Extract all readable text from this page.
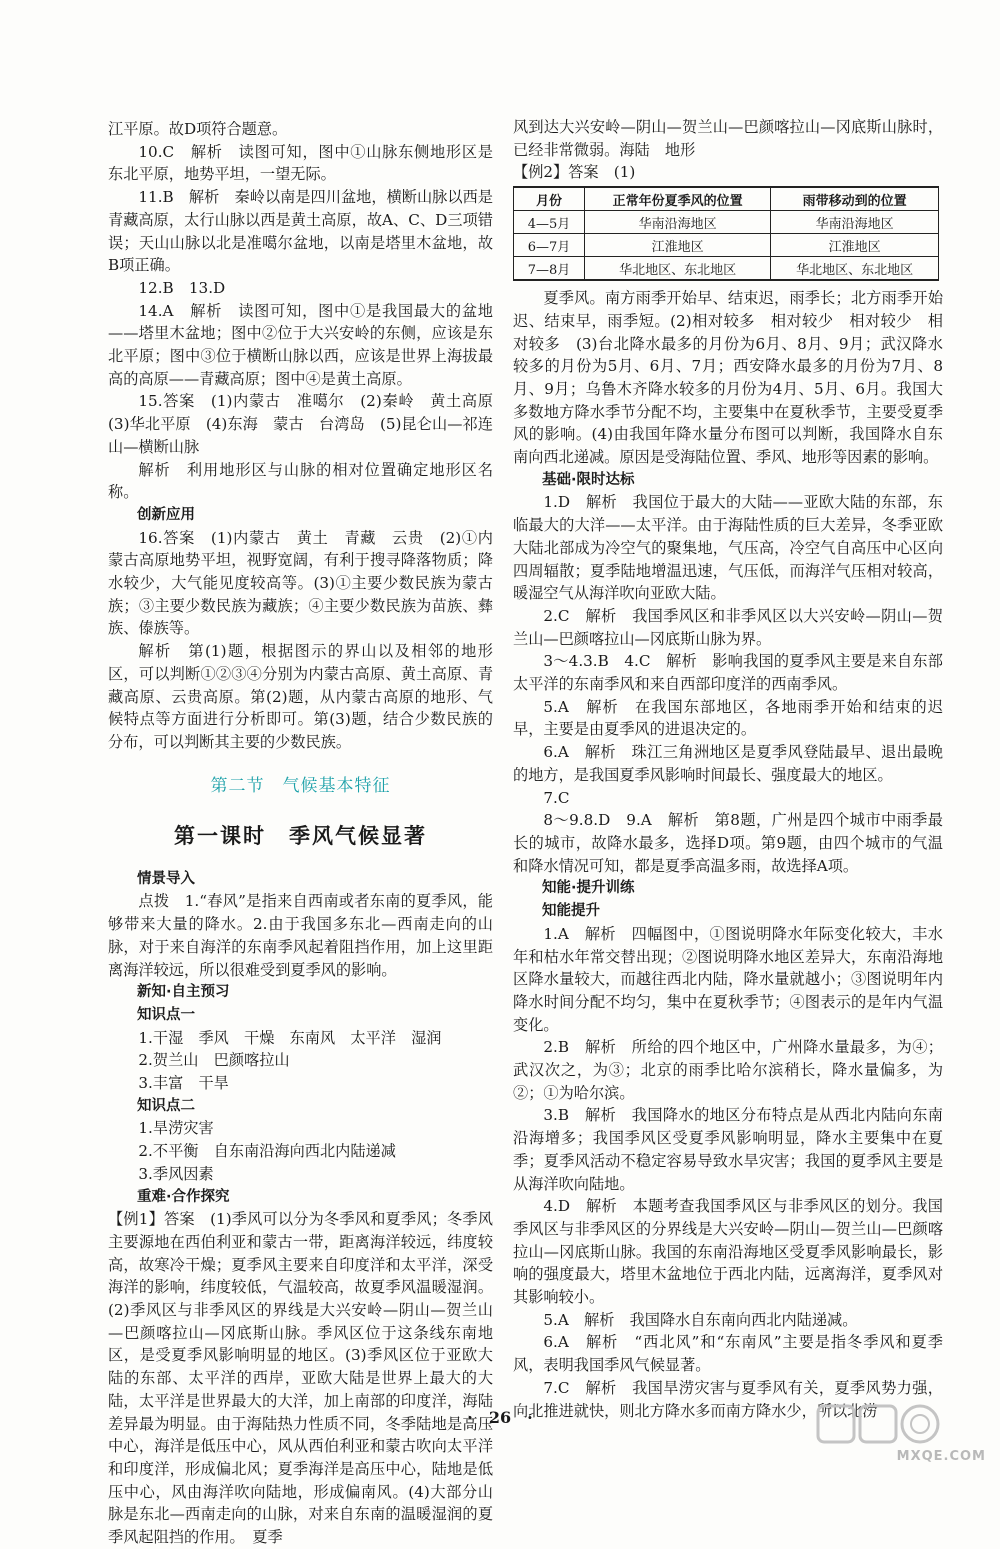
江平原。故D项符合题意。

10.C　解析　读图可知，图中①山脉东侧地形区是东北平原，地势平坦，一望无际。

11.B　解析　秦岭以南是四川盆地，横断山脉以西是青藏高原，太行山脉以西是黄土高原，故A、C、D三项错误；天山山脉以北是准噶尔盆地，以南是塔里木盆地，故B项正确。

12.B　13.D

14.A　解析　读图可知，图中①是我国最大的盆地——塔里木盆地；图中②位于大兴安岭的东侧，应该是东北平原；图中③位于横断山脉以西，应该是世界上海拔最高的高原——青藏高原；图中④是黄土高原。

15.答案　(1)内蒙古　准噶尔　(2)秦岭　黄土高原　(3)华北平原　(4)东海　蒙古　台湾岛　(5)昆仑山—祁连山—横断山脉

解析　利用地形区与山脉的相对位置确定地形区名称。

创新应用

16.答案　(1)内蒙古　黄土　青藏　云贵　(2)①内蒙古高原地势平坦，视野宽阔，有利于搜寻降落物质；降水较少，大气能见度较高等。(3)①主要少数民族为蒙古族；③主要少数民族为藏族；④主要少数民族为苗族、彝族、傣族等。

解析　第(1)题，根据图示的界山以及相邻的地形区，可以判断①②③④分别为内蒙古高原、黄土高原、青藏高原、云贵高原。第(2)题，从内蒙古高原的地形、气候特点等方面进行分析即可。第(3)题，结合少数民族的分布，可以判断其主要的少数民族。

第二节　气候基本特征
第一课时　季风气候显著

情景导入

点拨　1.“春风”是指来自西南或者东南的夏季风，能够带来大量的降水。2.由于我国多东北—西南走向的山脉，对于来自海洋的东南季风起着阻挡作用，加上这里距离海洋较远，所以很难受到夏季风的影响。

新知·自主预习

知识点一

1.干湿　季风　干燥　东南风　太平洋　湿润

2.贺兰山　巴颜喀拉山

3.丰富　干旱

知识点二

1.旱涝灾害

2.不平衡　自东南沿海向西北内陆递减

3.季风因素

重难·合作探究

【例1】答案　(1)季风可以分为冬季风和夏季风；冬季风主要源地在西伯利亚和蒙古一带，距离海洋较远，纬度较高，故寒冷干燥；夏季风主要来自印度洋和太平洋，深受海洋的影响，纬度较低，气温较高，故夏季风温暖湿润。(2)季风区与非季风区的界线是大兴安岭—阴山—贺兰山—巴颜喀拉山—冈底斯山脉。季风区位于这条线东南地区，是受夏季风影响明显的地区。(3)季风区位于亚欧大陆的东部、太平洋的西岸，亚欧大陆是世界上最大的大陆，太平洋是世界最大的大洋，加上南部的印度洋，海陆差异最为明显。由于海陆热力性质不同，冬季陆地是高压中心，海洋是低压中心，风从西伯利亚和蒙古吹向太平洋和印度洋，形成偏北风；夏季海洋是高压中心，陆地是低压中心，风由海洋吹向陆地，形成偏南风。(4)大部分山脉是东北—西南走向的山脉，对来自东南的温暖湿润的夏季风起阻挡的作用。　夏季

风到达大兴安岭—阴山—贺兰山—巴颜喀拉山—冈底斯山脉时，已经非常微弱。海陆　地形

【例2】答案　(1)

月份	正常年份夏季风的位置	雨带移动到的位置
4—5月	华南沿海地区	华南沿海地区
6—7月	江淮地区	江淮地区
7—8月	华北地区、东北地区	华北地区、东北地区

夏季风。南方雨季开始早、结束迟，雨季长；北方雨季开始迟、结束早，雨季短。(2)相对较多　相对较少　相对较少　相对较多　(3)台北降水最多的月份为6月、8月、9月；武汉降水较多的月份为5月、6月、7月；西安降水最多的月份为7月、8月、9月；乌鲁木齐降水较多的月份为4月、5月、6月。我国大多数地方降水季节分配不均，主要集中在夏秋季节，主要受夏季风的影响。(4)由我国年降水量分布图可以判断，我国降水自东南向西北递减。原因是受海陆位置、季风、地形等因素的影响。

基础·限时达标

1.D　解析　我国位于最大的大陆——亚欧大陆的东部，东临最大的大洋——太平洋。由于海陆性质的巨大差异，冬季亚欧大陆北部成为冷空气的聚集地，气压高，冷空气自高压中心区向四周辐散；夏季陆地增温迅速，气压低，而海洋气压相对较高，暖湿空气从海洋吹向亚欧大陆。

2.C　解析　我国季风区和非季风区以大兴安岭—阴山—贺兰山—巴颜喀拉山—冈底斯山脉为界。

3～4.3.B　4.C　解析　影响我国的夏季风主要是来自东部太平洋的东南季风和来自西部印度洋的西南季风。

5.A　解析　在我国东部地区，各地雨季开始和结束的迟早，主要是由夏季风的进退决定的。

6.A　解析　珠江三角洲地区是夏季风登陆最早、退出最晚的地方，是我国夏季风影响时间最长、强度最大的地区。

7.C

8～9.8.D　9.A　解析　第8题，广州是四个城市中雨季最长的城市，故降水最多，选择D项。第9题，由四个城市的气温和降水情况可知，都是夏季高温多雨，故选择A项。

知能·提升训练

知能提升

1.A　解析　四幅图中，①图说明降水年际变化较大，丰水年和枯水年常交替出现；②图说明降水地区差异大，东南沿海地区降水量较大，而越往西北内陆，降水量就越小；③图说明年内降水时间分配不均匀，集中在夏秋季节；④图表示的是年内气温变化。

2.B　解析　所给的四个地区中，广州降水量最多，为④；武汉次之，为③；北京的雨季比哈尔滨稍长，降水量偏多，为②；①为哈尔滨。

3.B　解析　我国降水的地区分布特点是从西北内陆向东南沿海增多；我国季风区受夏季风影响明显，降水主要集中在夏季；夏季风活动不稳定容易导致水旱灾害；我国的夏季风主要是从海洋吹向陆地。

4.D　解析　本题考查我国季风区与非季风区的划分。我国季风区与非季风区的分界线是大兴安岭—阴山—贺兰山—巴颜喀拉山—冈底斯山脉。我国的东南沿海地区受夏季风影响最长，影响的强度最大，塔里木盆地位于西北内陆，远离海洋，夏季风对其影响较小。

5.A　解析　我国降水自东南向西北内陆递减。

6.A　解析　“西北风”和“东南风”主要是指冬季风和夏季风，表明我国季风气候显著。

7.C　解析　我国旱涝灾害与夏季风有关，夏季风势力强，向北推进就快，则北方降水多而南方降水少，所以北涝

·　26　·
MXQE.COM
